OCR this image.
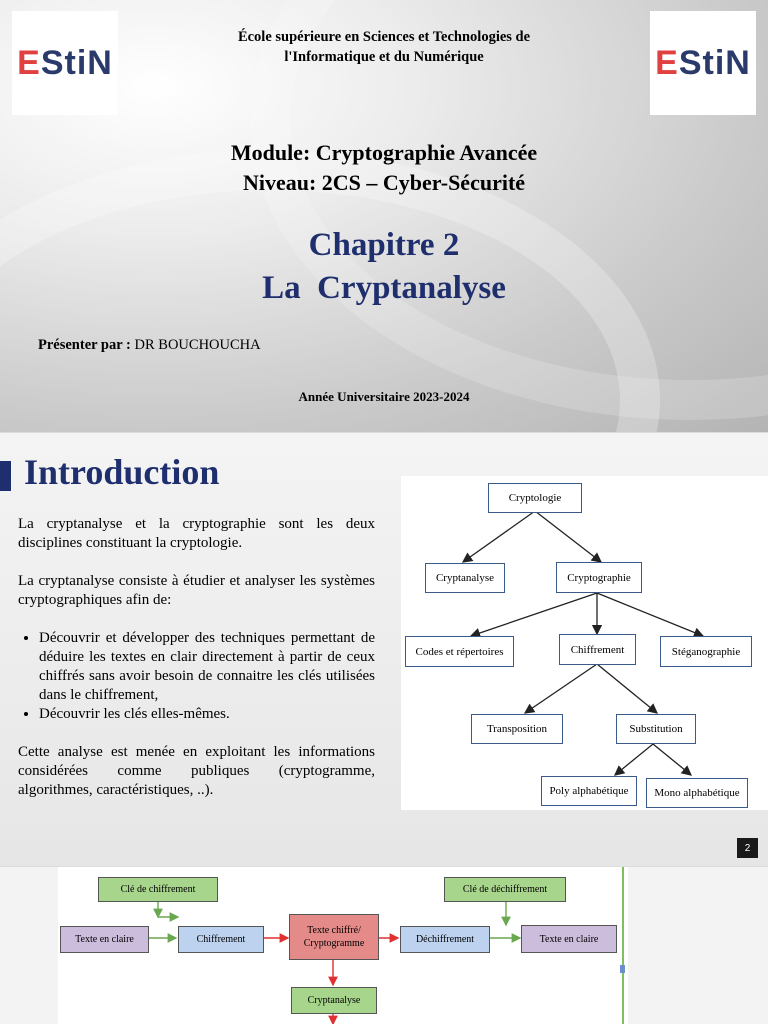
EStiN	EStiN
École supérieure en Sciences et Technologies de
l'Informatique et du Numérique
Module: Cryptographie Avancée
Niveau: 2CS – Cyber-Sécurité
Chapitre 2
La  Cryptanalyse
Présenter par : DR BOUCHOUCHA
Année Universitaire 2023-2024
Introduction

La cryptanalyse et la cryptographie sont les deux disciplines constituant la cryptologie.

La cryptanalyse consiste à étudier et analyser les systèmes cryptographiques afin de:

• Découvrir et développer des techniques permettant de déduire les textes en clair directement à partir de ceux chiffrés sans avoir besoin de connaitre les clés utilisées dans le chiffrement,
• Découvrir les clés elles-mêmes.

Cette analyse est menée en exploitant les informations considérées comme publiques (cryptogramme, algorithmes, caractéristiques, ..).

Cryptologie
Cryptanalyse	Cryptographie
Codes et répertoires	Chiffrement	Stéganographie
Transposition	Substitution
Poly alphabétique	Mono alphabétique
2
Clé de chiffrement	Clé de déchiffrement
Texte en claire	Chiffrement
Texte chiffré/
Cryptogramme	Déchiffrement	Texte en claire
Cryptanalyse
